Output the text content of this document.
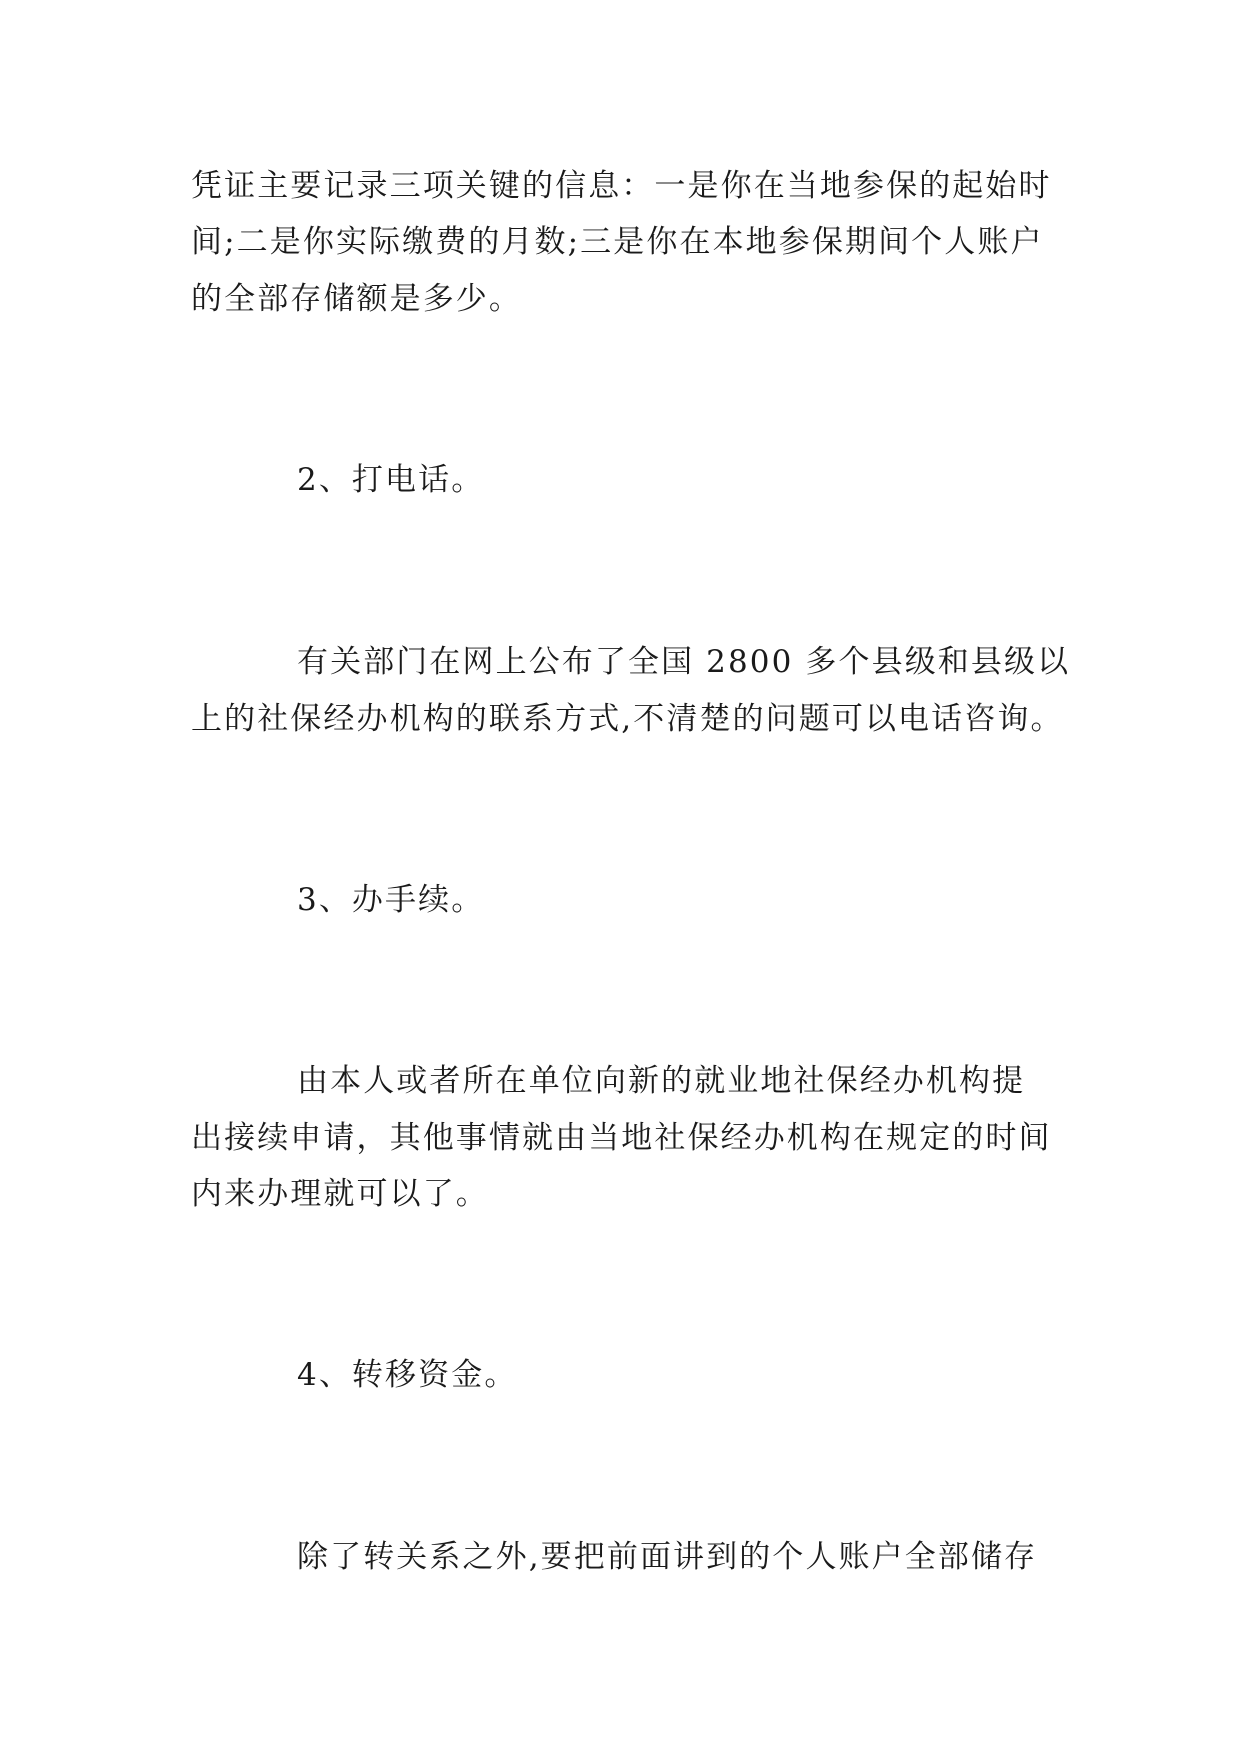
凭证主要记录三项关键的信息：一是你在当地参保的起始时
间;二是你实际缴费的月数;三是你在本地参保期间个人账户
的全部存储额是多少。
2、打电话。
有关部门在网上公布了全国 2800 多个县级和县级以
上的社保经办机构的联系方式,不清楚的问题可以电话咨询。
3、办手续。
由本人或者所在单位向新的就业地社保经办机构提
出接续申请，其他事情就由当地社保经办机构在规定的时间
内来办理就可以了。
4、转移资金。
除了转关系之外,要把前面讲到的个人账户全部储存
